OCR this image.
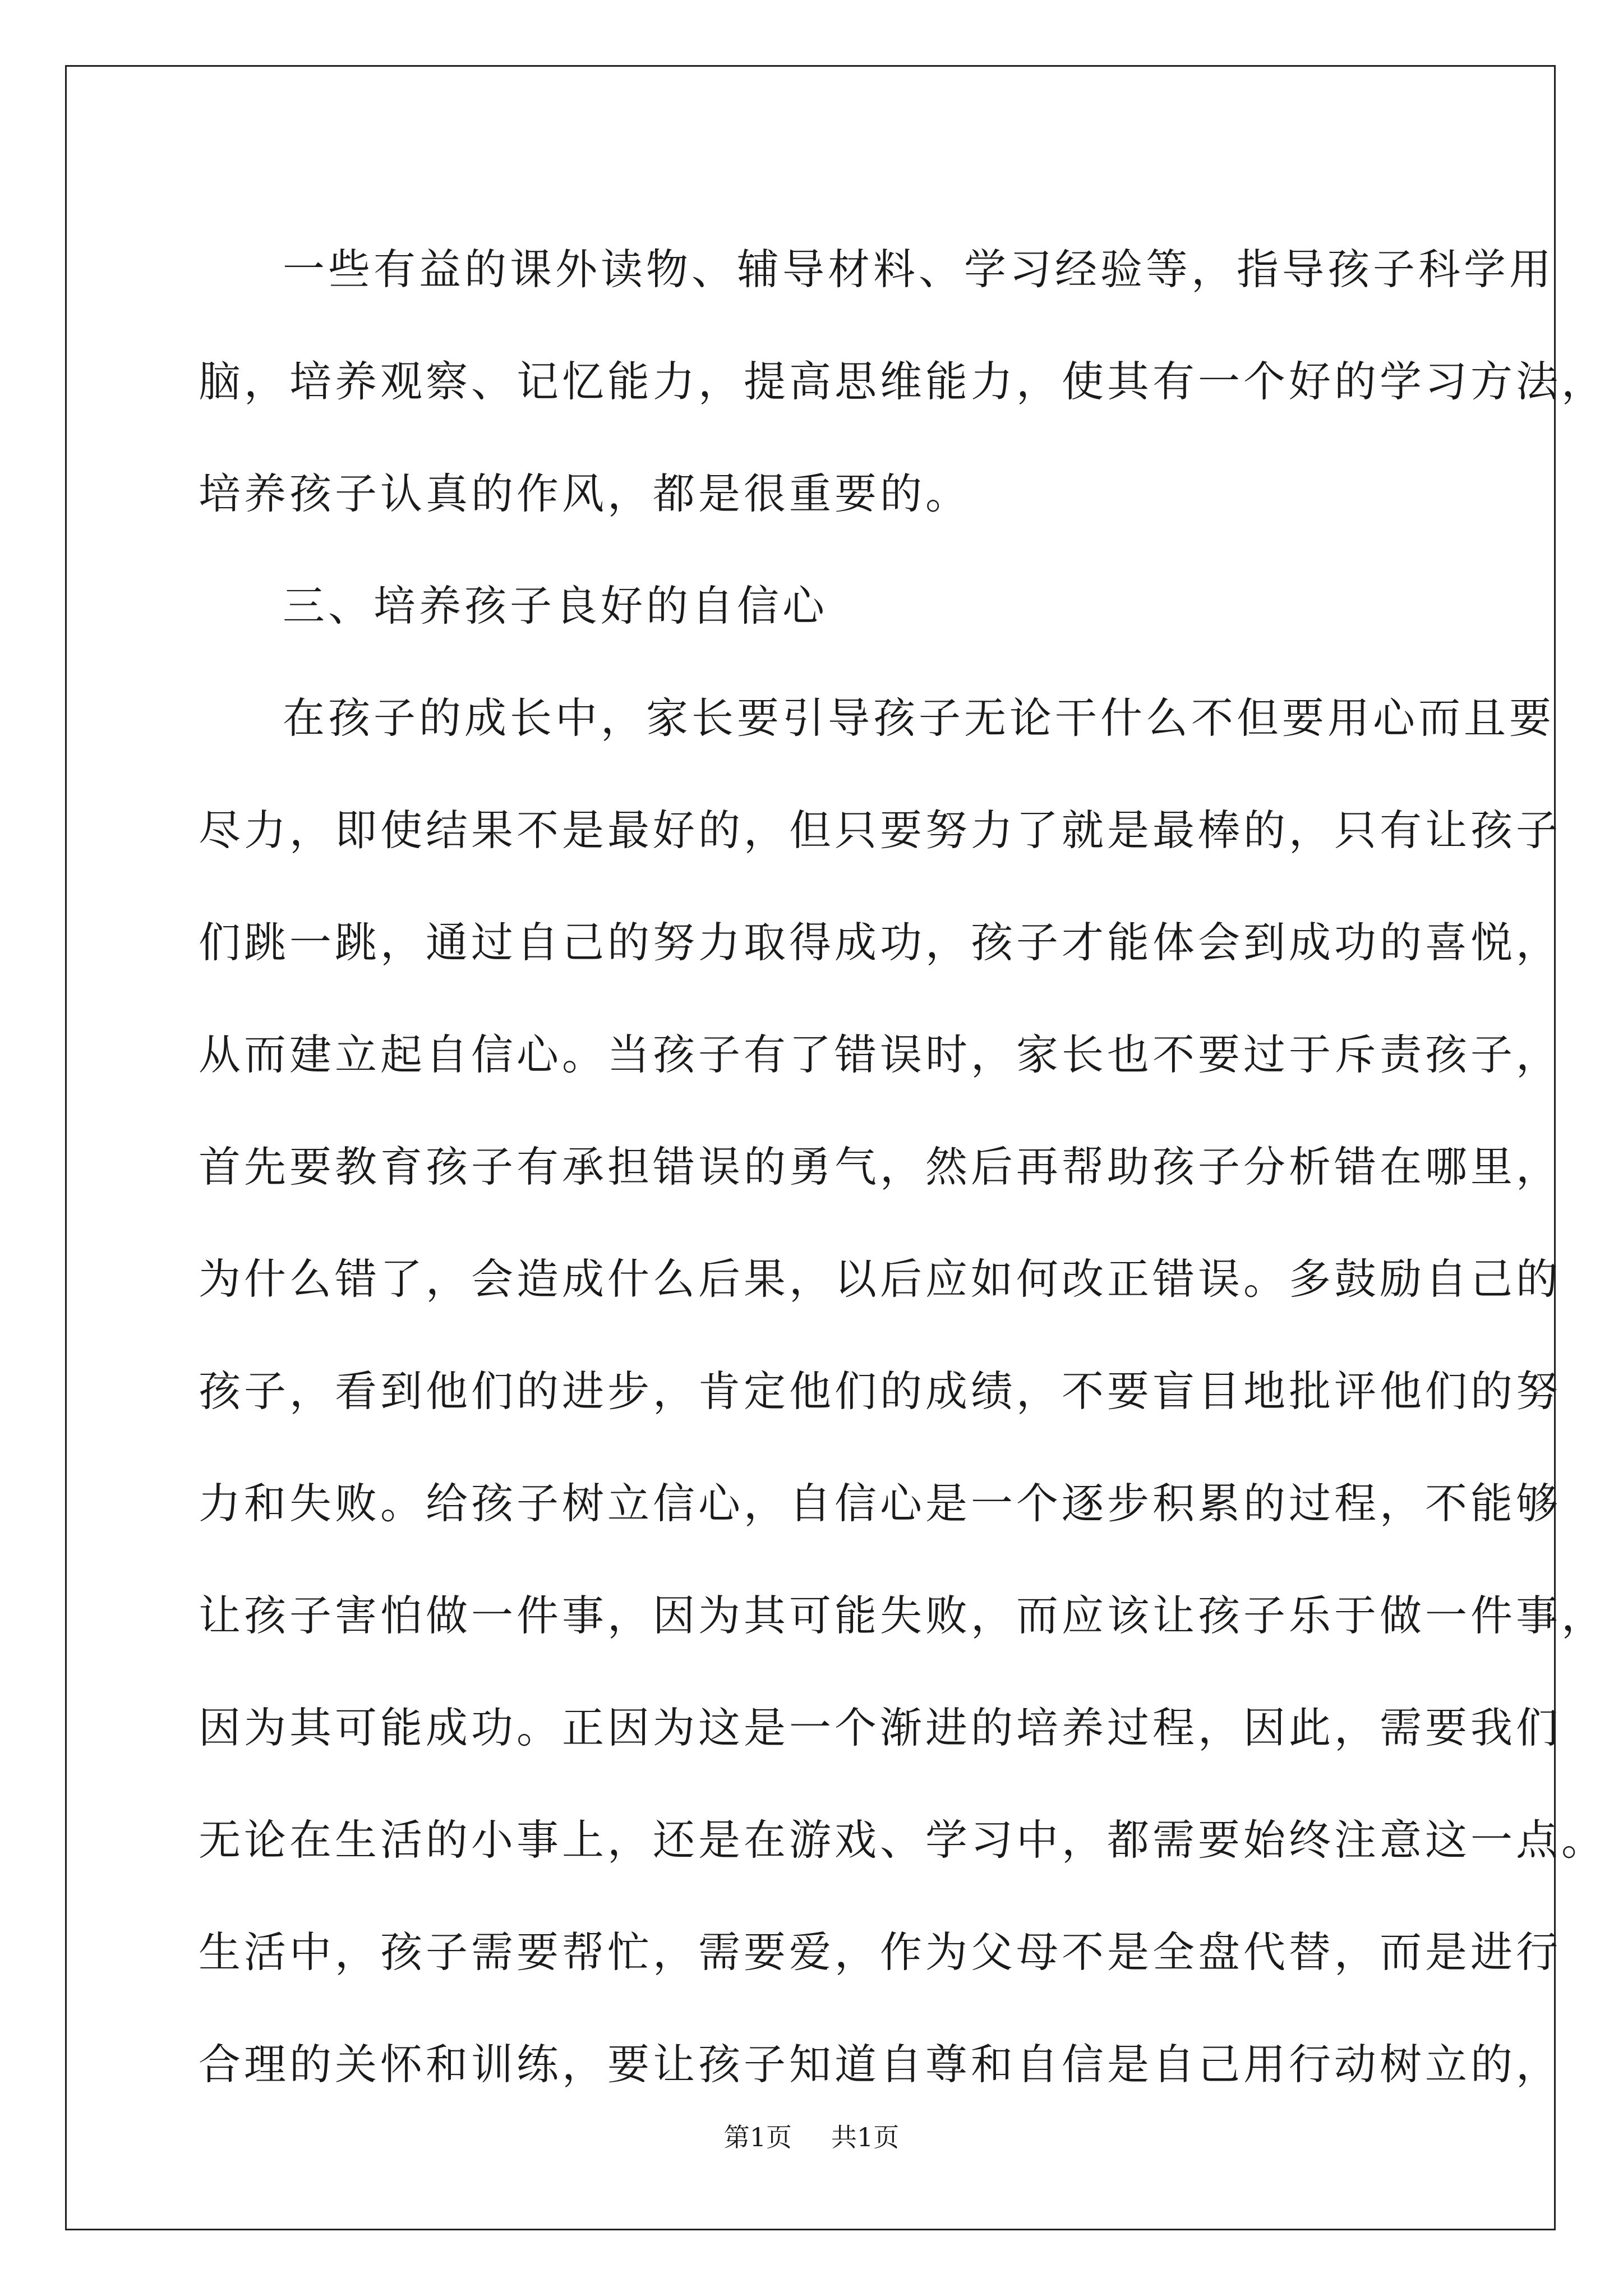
一些有益的课外读物、辅导材料、学习经验等，指导孩子科学用
脑，培养观察、记忆能力，提高思维能力，使其有一个好的学习方法，
培养孩子认真的作风，都是很重要的。
三、培养孩子良好的自信心
在孩子的成长中，家长要引导孩子无论干什么不但要用心而且要
尽力，即使结果不是最好的，但只要努力了就是最棒的，只有让孩子
们跳一跳，通过自己的努力取得成功，孩子才能体会到成功的喜悦，
从而建立起自信心。当孩子有了错误时，家长也不要过于斥责孩子，
首先要教育孩子有承担错误的勇气，然后再帮助孩子分析错在哪里，
为什么错了，会造成什么后果，以后应如何改正错误。多鼓励自己的
孩子，看到他们的进步，肯定他们的成绩，不要盲目地批评他们的努
力和失败。给孩子树立信心，自信心是一个逐步积累的过程，不能够
让孩子害怕做一件事，因为其可能失败，而应该让孩子乐于做一件事，
因为其可能成功。正因为这是一个渐进的培养过程，因此，需要我们
无论在生活的小事上，还是在游戏、学习中，都需要始终注意这一点。
生活中，孩子需要帮忙，需要爱，作为父母不是全盘代替，而是进行
合理的关怀和训练，要让孩子知道自尊和自信是自己用行动树立的，
第1页 共1页
